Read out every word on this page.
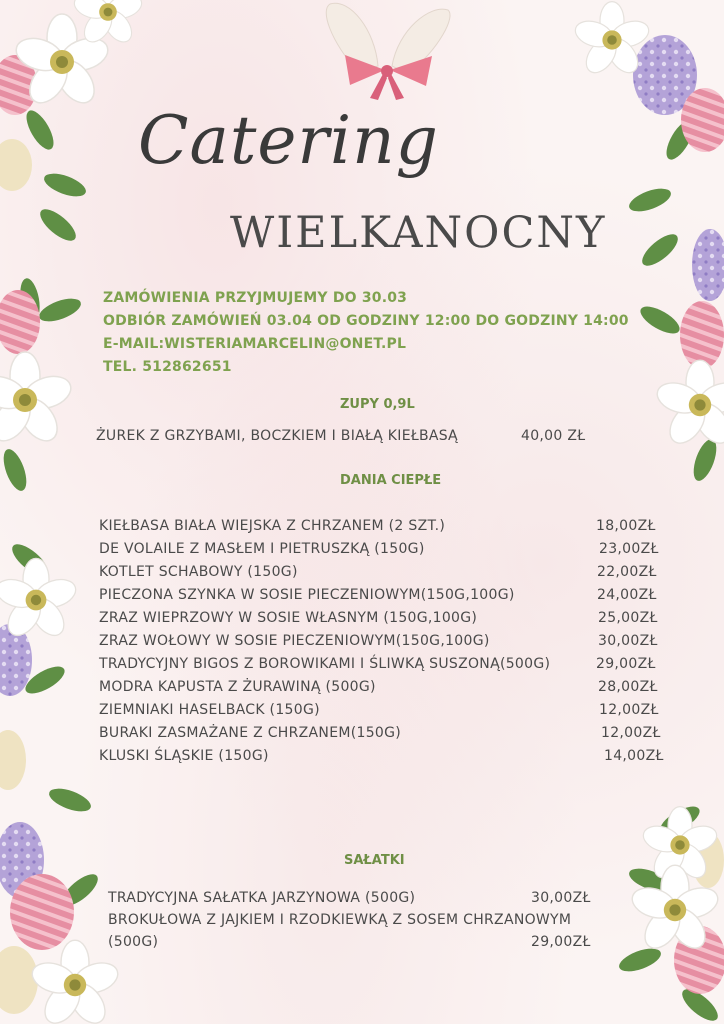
Catering
WIELKANOCNY
ZAMÓWIENIA PRZYJMUJEMY DO 30.03
ODBIÓR ZAMÓWIEŃ 03.04 OD GODZINY 12:00 DO GODZINY 14:00
E-MAIL:WISTERIAMARCELIN@ONET.PL
TEL. 512862651
ZUPY 0,9L
ŻUREK Z GRZYBAMI, BOCZKIEM I BIAŁĄ KIEŁBASĄ	40,00 ZŁ
DANIA CIEPŁE
KIEŁBASA BIAŁA WIEJSKA Z CHRZANEM (2 SZT.)	18,00ZŁ
DE VOLAILE Z MASŁEM I PIETRUSZKĄ (150G)	23,00ZŁ
KOTLET SCHABOWY (150G)	22,00ZŁ
PIECZONA SZYNKA W SOSIE PIECZENIOWYM(150G,100G)	24,00ZŁ
ZRAZ WIEPRZOWY W SOSIE WŁASNYM (150G,100G)	25,00ZŁ
ZRAZ WOŁOWY W SOSIE PIECZENIOWYM(150G,100G)	30,00ZŁ
TRADYCYJNY BIGOS Z BOROWIKAMI I ŚLIWKĄ SUSZONĄ(500G)	29,00ZŁ
MODRA KAPUSTA Z ŻURAWINĄ (500G)	28,00ZŁ
ZIEMNIAKI HASELBACK (150G)	12,00ZŁ
BURAKI ZASMAŻANE Z CHRZANEM(150G)	12,00ZŁ
KLUSKI ŚLĄSKIE (150G)	14,00ZŁ
SAŁATKI
TRADYCYJNA SAŁATKA JARZYNOWA (500G)	30,00ZŁ
BROKUŁOWA Z JAJKIEM I RZODKIEWKĄ Z SOSEM CHRZANOWYM
(500G)	29,00ZŁ
